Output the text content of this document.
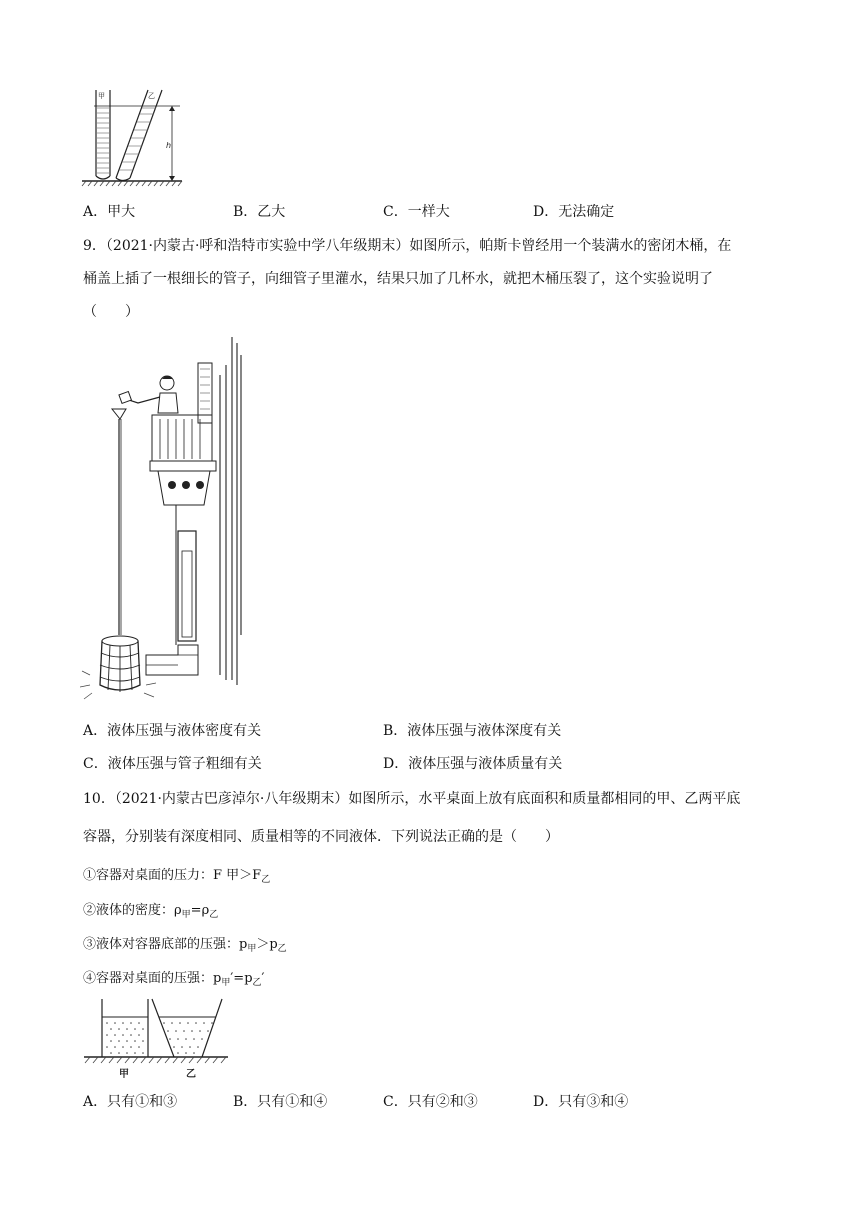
甲	乙
h
A．甲大	B．乙大	C．一样大	D．无法确定
9．（2021·内蒙古·呼和浩特市实验中学八年级期末）如图所示，帕斯卡曾经用一个装满水的密闭木桶，在
桶盖上插了一根细长的管子，向细管子里灌水，结果只加了几杯水，就把木桶压裂了，这个实验说明了
（　　）
A．液体压强与液体密度有关	B．液体压强与液体深度有关
C．液体压强与管子粗细有关	D．液体压强与液体质量有关
10．（2021·内蒙古巴彦淖尔·八年级期末）如图所示，水平桌面上放有底面积和质量都相同的甲、乙两平底
容器，分别装有深度相同、质量相等的不同液体．下列说法正确的是（　　）
①容器对桌面的压力：F 甲$>F_乙$
②液体的密度：$\rho_甲=\rho_乙$
③液体对容器底部的压强：$p_甲>p_乙$
④容器对桌面的压强：$p_甲'=p_乙'$
甲	乙
A．只有①和③	B．只有①和④	C．只有②和③	D．只有③和④
